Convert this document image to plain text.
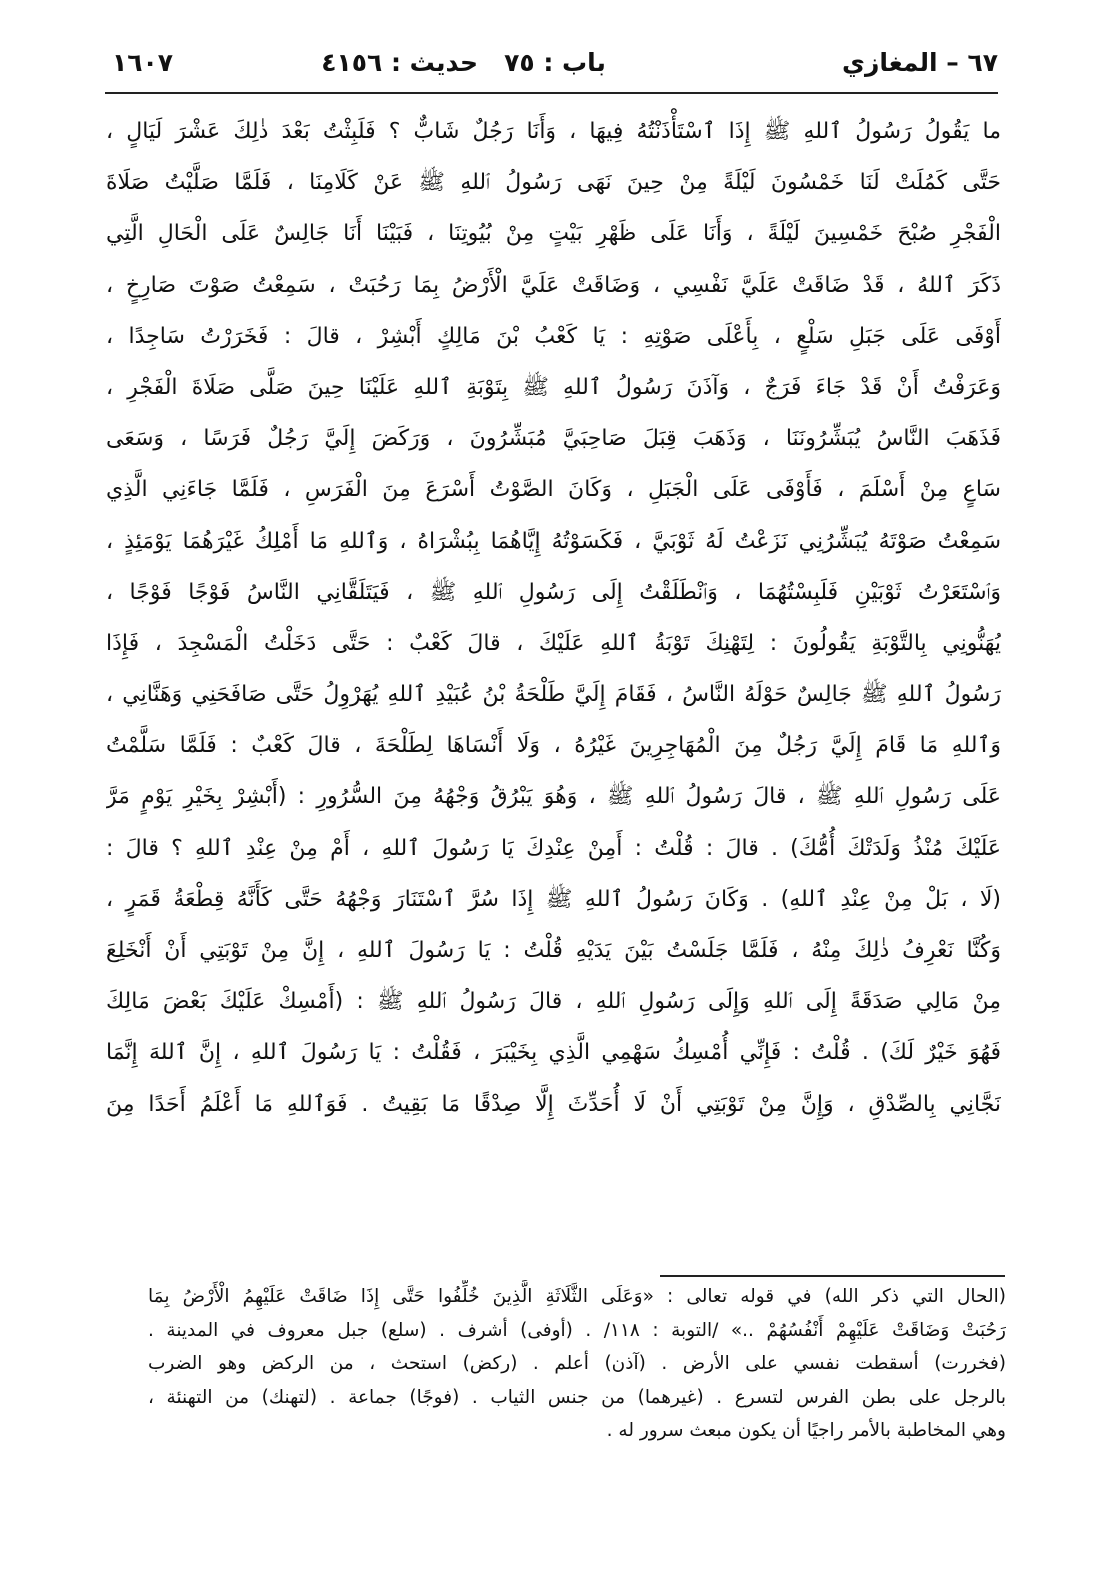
٦٧ – المغازي
باب : ٧٥
حديث : ٤١٥٦
١٦٠٧
ما يَقُولُ رَسُولُ ٱللهِ ﷺ إِذَا ٱسْتَأْذَنْتُهُ فِيهَا ، وَأَنَا رَجُلٌ شَابٌّ ؟ فَلَبِثْتُ بَعْدَ ذٰلِكَ عَشْرَ لَيَالٍ ،
حَتَّى كَمُلَتْ لَنَا خَمْسُونَ لَيْلَةً مِنْ حِينَ نَهَى رَسُولُ ٱللهِ ﷺ عَنْ كَلَامِنَا ، فَلَمَّا صَلَّيْتُ صَلَاةَ
الْفَجْرِ صُبْحَ خَمْسِينَ لَيْلَةً ، وَأَنَا عَلَى ظَهْرِ بَيْتٍ مِنْ بُيُوتِنَا ، فَبَيْنَا أَنَا جَالِسٌ عَلَى الْحَالِ الَّتِي
ذَكَرَ ٱللهُ ، قَدْ ضَاقَتْ عَلَيَّ نَفْسِي ، وَضَاقَتْ عَلَيَّ الْأَرْضُ بِمَا رَحُبَتْ ، سَمِعْتُ صَوْتَ صَارِخٍ ،
أَوْفَى عَلَى جَبَلِ سَلْعٍ ، بِأَعْلَى صَوْتِهِ : يَا كَعْبُ بْنَ مَالِكٍ أَبْشِرْ ، قالَ : فَخَرَرْتُ سَاجِدًا ،
وَعَرَفْتُ أَنْ قَدْ جَاءَ فَرَجٌ ، وَآذَنَ رَسُولُ ٱللهِ ﷺ بِتَوْبَةِ ٱللهِ عَلَيْنَا حِينَ صَلَّى صَلَاةَ الْفَجْرِ ،
فَذَهَبَ النَّاسُ يُبَشِّرُونَنَا ، وَذَهَبَ قِبَلَ صَاحِبَيَّ مُبَشِّرُونَ ، وَرَكَضَ إِلَيَّ رَجُلٌ فَرَسًا ، وَسَعَى
سَاعٍ مِنْ أَسْلَمَ ، فَأَوْفَى عَلَى الْجَبَلِ ، وَكَانَ الصَّوْتُ أَسْرَعَ مِنَ الْفَرَسِ ، فَلَمَّا جَاءَنِي الَّذِي
سَمِعْتُ صَوْتَهُ يُبَشِّرُنِي نَزَعْتُ لَهُ ثَوْبَيَّ ، فَكَسَوْتُهُ إِيَّاهُمَا بِبُشْرَاهُ ، وَٱللهِ مَا أَمْلِكُ غَيْرَهُمَا يَوْمَئِذٍ ،
وَٱسْتَعَرْتُ ثَوْبَيْنِ فَلَبِسْتُهُمَا ، وَٱنْطَلَقْتُ إِلَى رَسُولِ ٱللهِ ﷺ ، فَيَتَلَقَّانِي النَّاسُ فَوْجًا فَوْجًا ،
يُهَنُّونِي بِالتَّوْبَةِ يَقُولُونَ : لِتَهْنِكَ تَوْبَةُ ٱللهِ عَلَيْكَ ، قالَ كَعْبٌ : حَتَّى دَخَلْتُ الْمَسْجِدَ ، فَإِذَا
رَسُولُ ٱللهِ ﷺ جَالِسٌ حَوْلَهُ النَّاسُ ، فَقَامَ إِلَيَّ طَلْحَةُ بْنُ عُبَيْدِ ٱللهِ يُهَرْوِلُ حَتَّى صَافَحَنِي وَهَنَّانِي ،
وَٱللهِ مَا قَامَ إِلَيَّ رَجُلٌ مِنَ الْمُهَاجِرِينَ غَيْرُهُ ، وَلَا أَنْسَاهَا لِطَلْحَةَ ، قالَ كَعْبٌ : فَلَمَّا سَلَّمْتُ
عَلَى رَسُولِ ٱللهِ ﷺ ، قالَ رَسُولُ ٱللهِ ﷺ ، وَهُوَ يَبْرُقُ وَجْهُهُ مِنَ السُّرُورِ : (أَبْشِرْ بِخَيْرِ يَوْمٍ مَرَّ
عَلَيْكَ مُنْذُ وَلَدَتْكَ أُمُّكَ) . قالَ : قُلْتُ : أَمِنْ عِنْدِكَ يَا رَسُولَ ٱللهِ ، أَمْ مِنْ عِنْدِ ٱللهِ ؟ قالَ :
(لَا ، بَلْ مِنْ عِنْدِ ٱللهِ) . وَكَانَ رَسُولُ ٱللهِ ﷺ إِذَا سُرَّ ٱسْتَنَارَ وَجْهُهُ حَتَّى كَأَنَّهُ قِطْعَةُ قَمَرٍ ،
وَكُنَّا نَعْرِفُ ذٰلِكَ مِنْهُ ، فَلَمَّا جَلَسْتُ بَيْنَ يَدَيْهِ قُلْتُ : يَا رَسُولَ ٱللهِ ، إِنَّ مِنْ تَوْبَتِي أَنْ أَنْخَلِعَ
مِنْ مَالِي صَدَقَةً إِلَى ٱللهِ وَإِلَى رَسُولِ ٱللهِ ، قالَ رَسُولُ ٱللهِ ﷺ : (أَمْسِكْ عَلَيْكَ بَعْضَ مَالِكَ
فَهُوَ خَيْرٌ لَكَ) . قُلْتُ : فَإِنِّي أُمْسِكُ سَهْمِي الَّذِي بِخَيْبَرَ ، فَقُلْتُ : يَا رَسُولَ ٱللهِ ، إِنَّ ٱللهَ إِنَّمَا
نَجَّانِي بِالصِّدْقِ ، وَإِنَّ مِنْ تَوْبَتِي أَنْ لَا أُحَدِّثَ إِلَّا صِدْقًا مَا بَقِيتُ . فَوَٱللهِ مَا أَعْلَمُ أَحَدًا مِنَ
(الحال التي ذكر الله) في قوله تعالى : «وَعَلَى الثَّلَاثَةِ الَّذِينَ خُلِّفُوا حَتَّى إِذَا ضَاقَتْ عَلَيْهِمُ الْأَرْضُ بِمَا
رَحُبَتْ وَضَاقَتْ عَلَيْهِمْ أَنْفُسُهُمْ ..» /التوبة : ١١٨/ . (أوفى) أشرف . (سلع) جبل معروف في المدينة .
(فخررت) أسقطت نفسي على الأرض . (آذن) أعلم . (ركض) استحث ، من الركض وهو الضرب
بالرجل على بطن الفرس لتسرع . (غيرهما) من جنس الثياب . (فوجًا) جماعة . (لتهنك) من التهنئة ،
وهي المخاطبة بالأمر راجيًا أن يكون مبعث سرور له .
